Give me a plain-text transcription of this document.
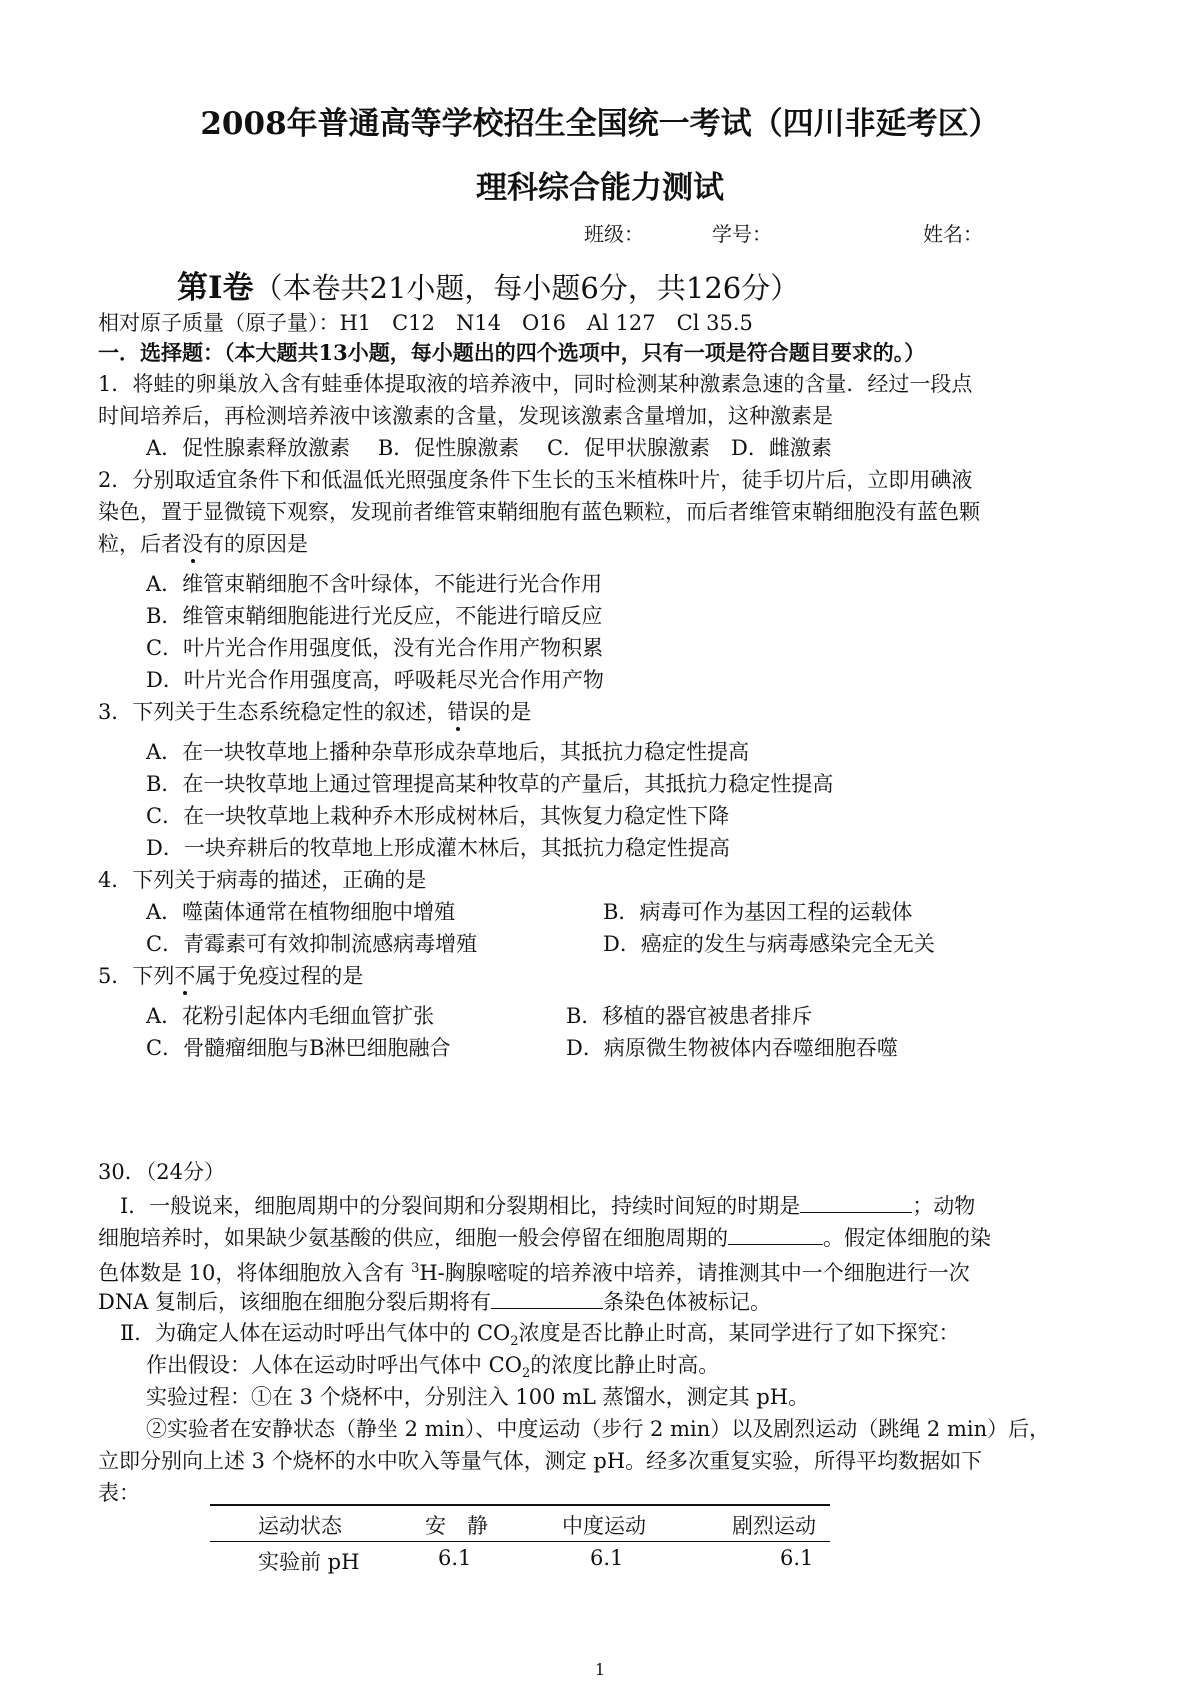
2008年普通高等学校招生全国统一考试（四川非延考区）
理科综合能力测试
班级：	学号：	姓名：
第Ⅰ卷（本卷共21小题，每小题6分，共126分）
相对原子质量（原子量）：H1　C12　N14　O16　Al 127　Cl 35.5
一．选择题：（本大题共13小题，每小题出的四个选项中，只有一项是符合题目要求的。）
1．将蛙的卵巢放入含有蛙垂体提取液的培养液中，同时检测某种激素急速的含量．经过一段点
时间培养后，再检测培养液中该激素的含量，发现该激素含量增加，这种激素是
A．促性腺素释放激素　 B．促性腺激素　 C．促甲状腺激素　D．雌激素
2．分别取适宜条件下和低温低光照强度条件下生长的玉米植株叶片，徒手切片后，立即用碘液
染色，置于显微镜下观察，发现前者维管束鞘细胞有蓝色颗粒，而后者维管束鞘细胞没有蓝色颗
粒，后者没有的原因是
A．维管束鞘细胞不含叶绿体，不能进行光合作用
B．维管束鞘细胞能进行光反应，不能进行暗反应
C．叶片光合作用强度低，没有光合作用产物积累
D．叶片光合作用强度高，呼吸耗尽光合作用产物
3．下列关于生态系统稳定性的叙述，错误的是
A．在一块牧草地上播种杂草形成杂草地后，其抵抗力稳定性提高
B．在一块牧草地上通过管理提高某种牧草的产量后，其抵抗力稳定性提高
C．在一块牧草地上栽种乔木形成树林后，其恢复力稳定性下降
D．一块弃耕后的牧草地上形成灌木林后，其抵抗力稳定性提高
4．下列关于病毒的描述，正确的是
A．噬菌体通常在植物细胞中增殖	B．病毒可作为基因工程的运载体
C．青霉素可有效抑制流感病毒增殖	D．癌症的发生与病毒感染完全无关
5．下列不属于免疫过程的是
A．花粉引起体内毛细血管扩张	B．移植的器官被患者排斥
C．骨髓瘤细胞与B淋巴细胞融合	D．病原微生物被体内吞噬细胞吞噬
30．（24分）
Ⅰ．一般说来，细胞周期中的分裂间期和分裂期相比，持续时间短的时期是	；动物
细胞培养时，如果缺少氨基酸的供应，细胞一般会停留在细胞周期的	。假定体细胞的染
色体数是 10，将体细胞放入含有 $^3$H-胸腺嘧啶的培养液中培养，请推测其中一个细胞进行一次
DNA 复制后，该细胞在细胞分裂后期将有	条染色体被标记。
Ⅱ．为确定人体在运动时呼出气体中的 $CO_2$浓度是否比静止时高，某同学进行了如下探究：
作出假设：人体在运动时呼出气体中 $CO_2$的浓度比静止时高。
实验过程：①在 3 个烧杯中，分别注入 100 mL 蒸馏水，测定其 pH。
②实验者在安静状态（静坐 2 min）、中度运动（步行 2 min）以及剧烈运动（跳绳 2 min）后，
立即分别向上述 3 个烧杯的水中吹入等量气体，测定 pH。经多次重复实验，所得平均数据如下
表：
运动状态	安　静	中度运动	剧烈运动
实验前 pH	6.1	6.1	6.1
1
